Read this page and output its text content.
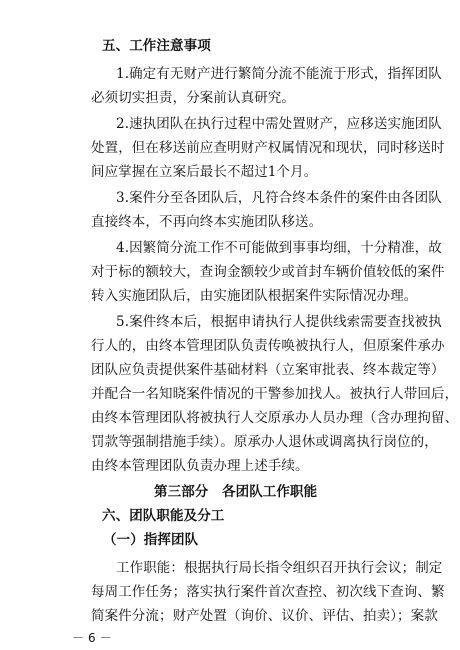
五、工作注意事项
1.确定有无财产进行繁简分流不能流于形式，指挥团队
必须切实担责，分案前认真研究。
2.速执团队在执行过程中需处置财产，应移送实施团队
处置，但在移送前应查明财产权属情况和现状，同时移送时
间应掌握在立案后最长不超过1个月。
3.案件分至各团队后，凡符合终本条件的案件由各团队
直接终本，不再向终本实施团队移送。
4.因繁简分流工作不可能做到事事均细，十分精准，故
对于标的额较大，查询金额较少或首封车辆价值较低的案件
转入实施团队后，由实施团队根据案件实际情况办理。
5.案件终本后，根据申请执行人提供线索需要查找被执
行人的，由终本管理团队负责传唤被执行人，但原案件承办
团队应负责提供案件基础材料（立案审批表、终本裁定等）
并配合一名知晓案件情况的干警参加找人。被执行人带回后，
由终本管理团队将被执行人交原承办人员办理（含办理拘留、
罚款等强制措施手续）。原承办人退休或调离执行岗位的，
由终本管理团队负责办理上述手续。
第三部分　各团队工作职能
六、团队职能及分工
（一）指挥团队
工作职能：根据执行局长指令组织召开执行会议；制定
每周工作任务；落实执行案件首次查控、初次线下查询、繁
简案件分流；财产处置（询价、议价、评估、拍卖）；案款
－ 6 －
